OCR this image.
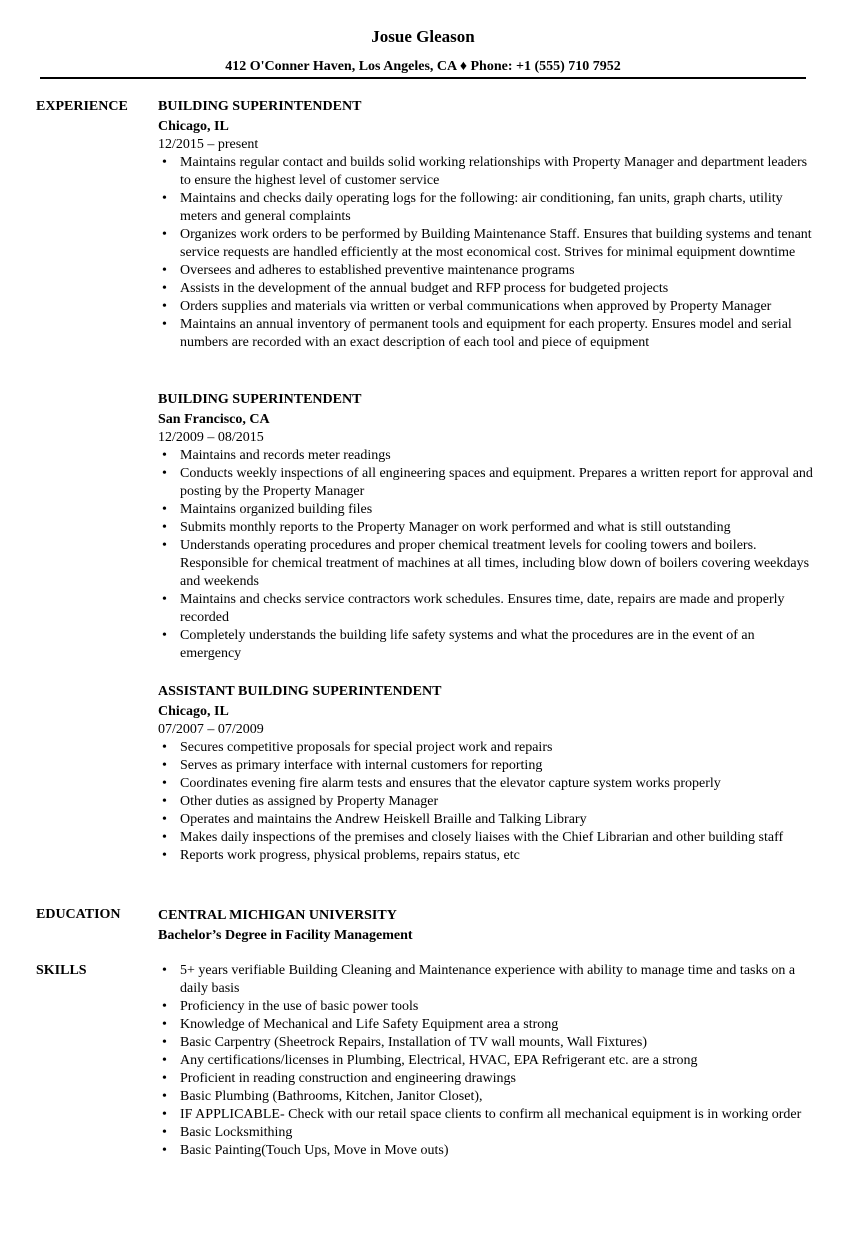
Josue Gleason
412 O'Conner Haven, Los Angeles, CA ♦ Phone: +1 (555) 710 7952
EXPERIENCE BUILDING SUPERINTENDENT
Chicago, IL
12/2015 – present
• Maintains regular contact and builds solid working relationships with Property Manager and department leaders to ensure the highest level of customer service
• Maintains and checks daily operating logs for the following: air conditioning, fan units, graph charts, utility meters and general complaints
• Organizes work orders to be performed by Building Maintenance Staff. Ensures that building systems and tenant service requests are handled efficiently at the most economical cost. Strives for minimal equipment downtime
• Oversees and adheres to established preventive maintenance programs
• Assists in the development of the annual budget and RFP process for budgeted projects
• Orders supplies and materials via written or verbal communications when approved by Property Manager
• Maintains an annual inventory of permanent tools and equipment for each property. Ensures model and serial numbers are recorded with an exact description of each tool and piece of equipment
BUILDING SUPERINTENDENT
San Francisco, CA
12/2009 – 08/2015
• Maintains and records meter readings
• Conducts weekly inspections of all engineering spaces and equipment. Prepares a written report for approval and posting by the Property Manager
• Maintains organized building files
• Submits monthly reports to the Property Manager on work performed and what is still outstanding
• Understands operating procedures and proper chemical treatment levels for cooling towers and boilers. Responsible for chemical treatment of machines at all times, including blow down of boilers covering weekdays and weekends
• Maintains and checks service contractors work schedules. Ensures time, date, repairs are made and properly recorded
• Completely understands the building life safety systems and what the procedures are in the event of an emergency
ASSISTANT BUILDING SUPERINTENDENT
Chicago, IL
07/2007 – 07/2009
• Secures competitive proposals for special project work and repairs
• Serves as primary interface with internal customers for reporting
• Coordinates evening fire alarm tests and ensures that the elevator capture system works properly
• Other duties as assigned by Property Manager
• Operates and maintains the Andrew Heiskell Braille and Talking Library
• Makes daily inspections of the premises and closely liaises with the Chief Librarian and other building staff
• Reports work progress, physical problems, repairs status, etc
EDUCATION	CENTRAL MICHIGAN UNIVERSITY
Bachelor’s Degree in Facility Management
SKILLS
•	5+ years verifiable Building Cleaning and Maintenance experience with ability to manage time and tasks on a daily basis
• Proficiency in the use of basic power tools
• Knowledge of Mechanical and Life Safety Equipment area a strong
• Basic Carpentry (Sheetrock Repairs, Installation of TV wall mounts, Wall Fixtures)
• Any certifications/licenses in Plumbing, Electrical, HVAC, EPA Refrigerant etc. are a strong
• Proficient in reading construction and engineering drawings
• Basic Plumbing (Bathrooms, Kitchen, Janitor Closet),
• IF APPLICABLE- Check with our retail space clients to confirm all mechanical equipment is in working order
• Basic Locksmithing
• Basic Painting(Touch Ups, Move in Move outs)
